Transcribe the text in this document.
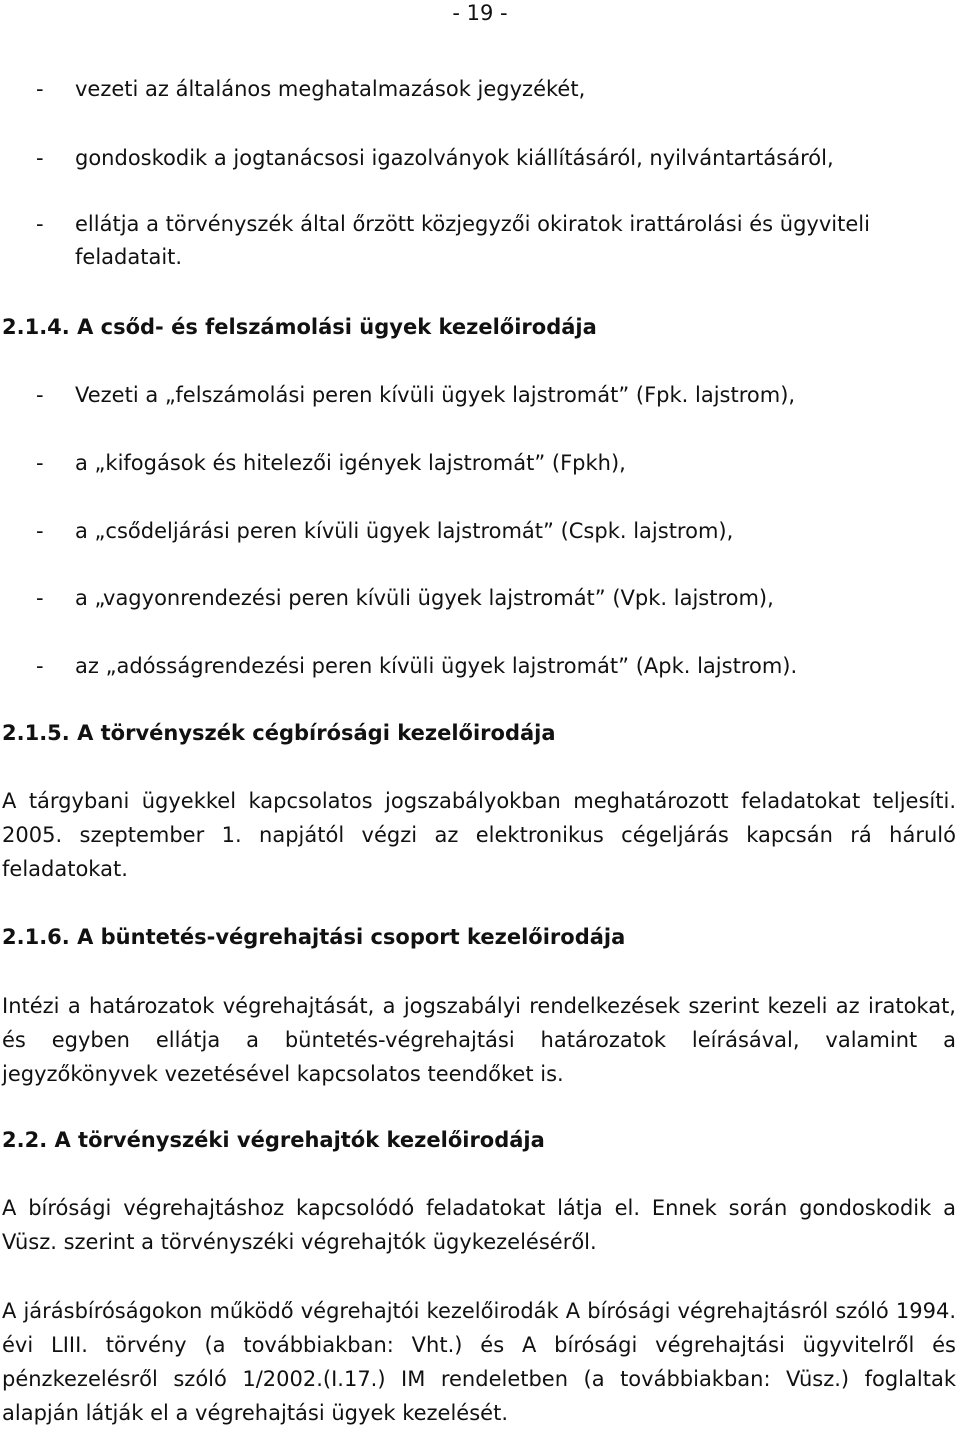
- 19 -
- vezeti az általános meghatalmazások jegyzékét,
- gondoskodik a jogtanácsosi igazolványok kiállításáról, nyilvántartásáról,
- ellátja a törvényszék által őrzött közjegyzői okiratok irattárolási és ügyviteli feladatait.
2.1.4. A csőd- és felszámolási ügyek kezelőirodája
- Vezeti a „felszámolási peren kívüli ügyek lajstromát” (Fpk. lajstrom),
- a „kifogások és hitelezői igények lajstromát” (Fpkh),
- a „csődeljárási peren kívüli ügyek lajstromát” (Cspk. lajstrom),
- a „vagyonrendezési peren kívüli ügyek lajstromát” (Vpk. lajstrom),
- az „adósságrendezési peren kívüli ügyek lajstromát” (Apk. lajstrom).
2.1.5. A törvényszék cégbírósági kezelőirodája
A tárgybani ügyekkel kapcsolatos jogszabályokban meghatározott feladatokat teljesíti. 2005. szeptember 1. napjától végzi az elektronikus cégeljárás kapcsán rá háruló feladatokat.
2.1.6. A büntetés-végrehajtási csoport kezelőirodája
Intézi a határozatok végrehajtását, a jogszabályi rendelkezések szerint kezeli az iratokat, és egyben ellátja a büntetés-végrehajtási határozatok leírásával, valamint a jegyzőkönyvek vezetésével kapcsolatos teendőket is.
2.2. A törvényszéki végrehajtók kezelőirodája
A bírósági végrehajtáshoz kapcsolódó feladatokat látja el. Ennek során gondoskodik a Vüsz. szerint a törvényszéki végrehajtók ügykezeléséről.
A járásbíróságokon működő végrehajtói kezelőirodák A bírósági végrehajtásról szóló 1994. évi LIII. törvény (a továbbiakban: Vht.) és A bírósági végrehajtási ügyvitelről és pénzkezelésről szóló 1/2002.(I.17.) IM rendeletben (a továbbiakban: Vüsz.) foglaltak alapján látják el a végrehajtási ügyek kezelését.
